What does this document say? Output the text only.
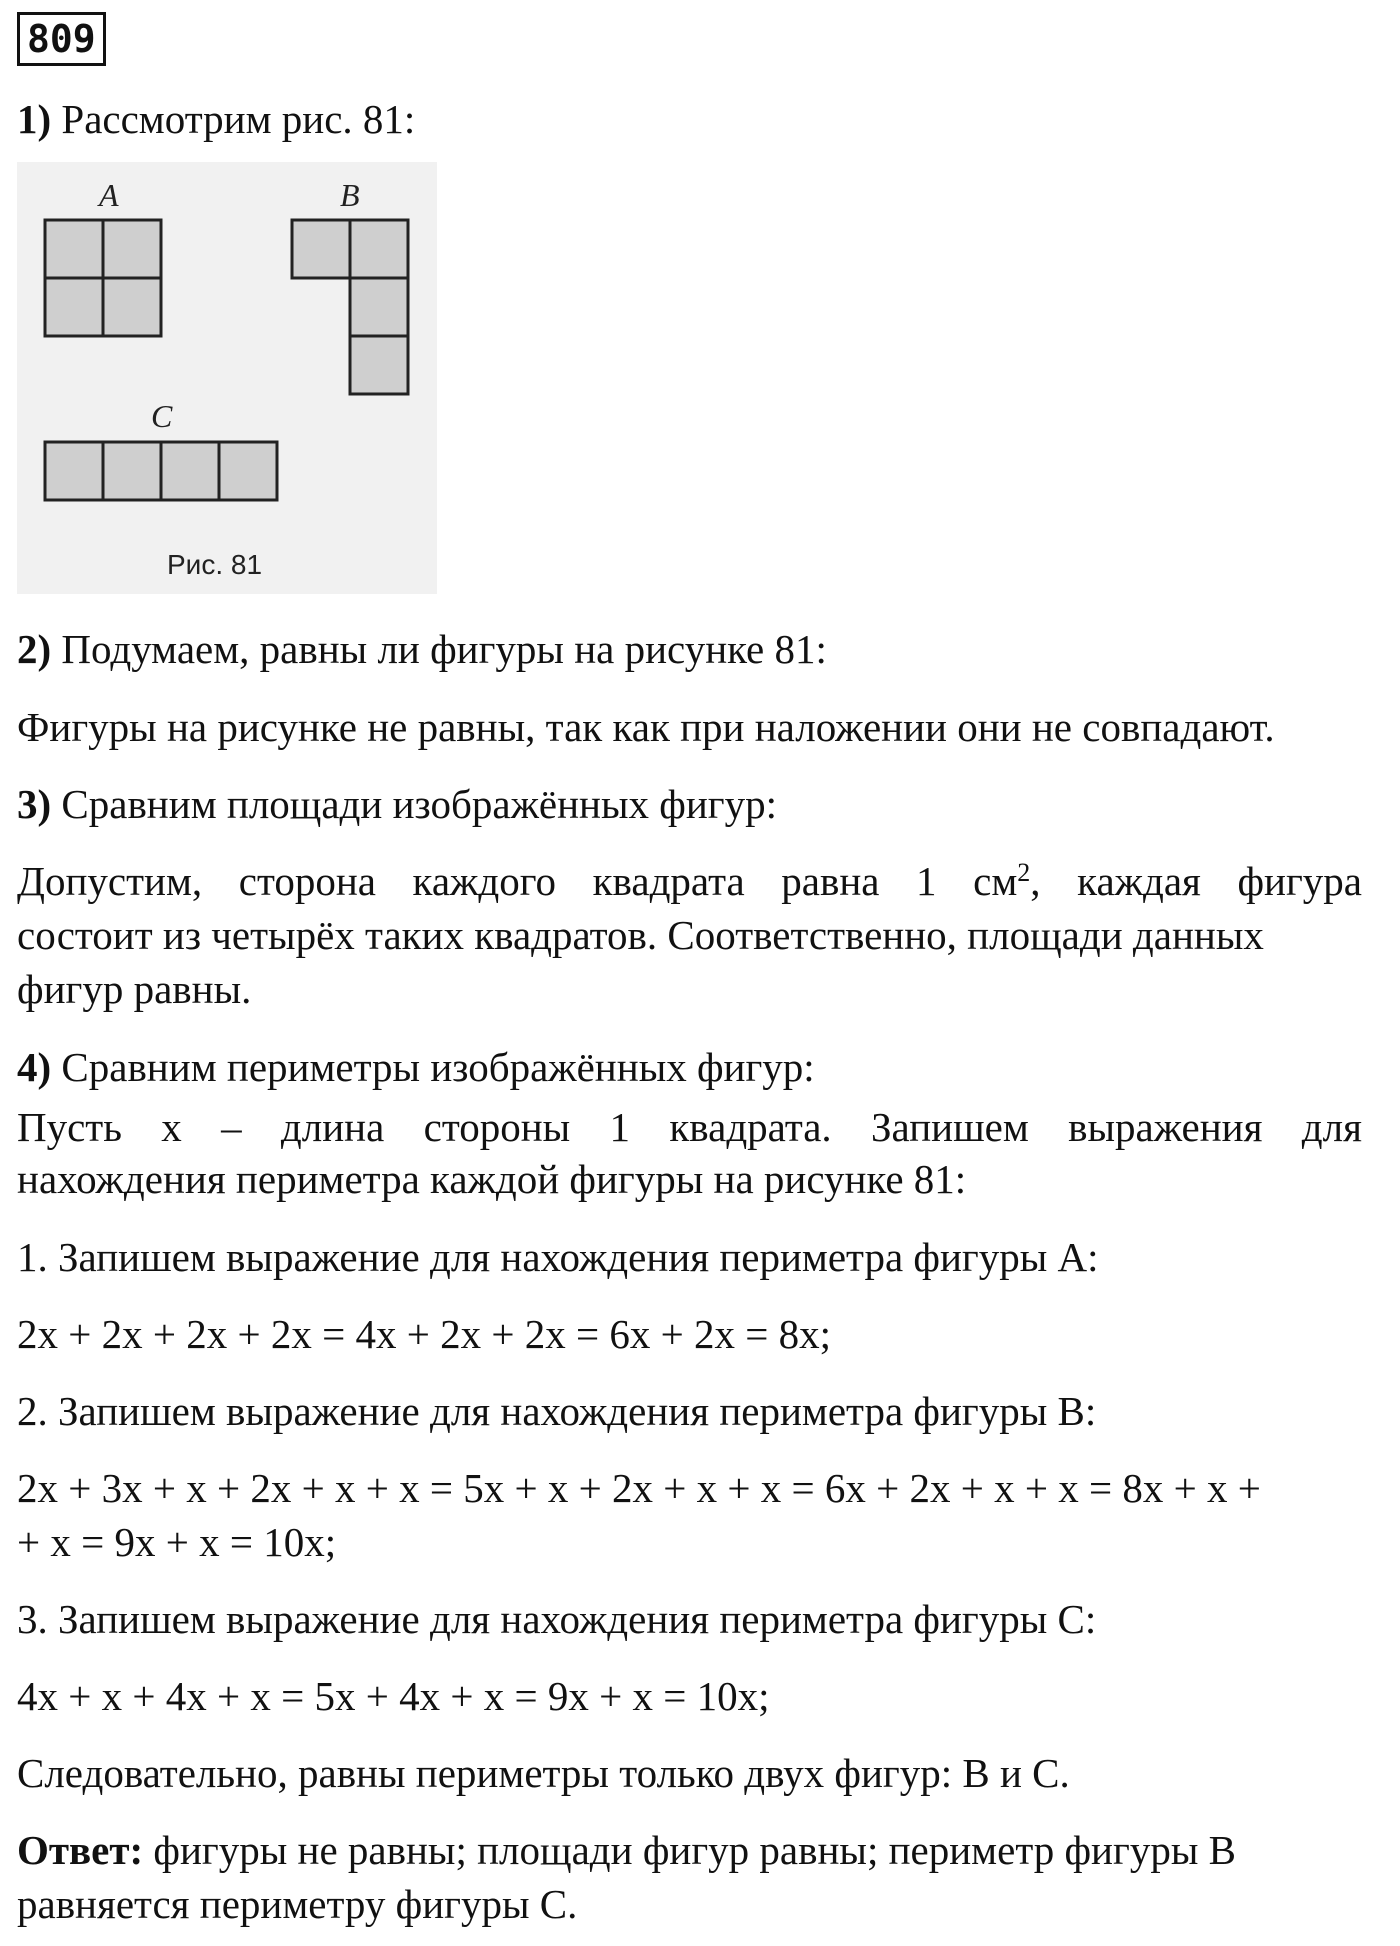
809

1) Рассмотрим рис. 81:

A	B
C
Рис. 81

2) Подумаем, равны ли фигуры на рисунке 81:

Фигуры на рисунке не равны, так как при наложении они не совпадают.

3) Сравним площади изображённых фигур:

Допустим, сторона каждого квадрата равна 1 $см^2$, каждая фигура

состоит из четырёх таких квадратов. Соответственно, площади данных

фигур равны.

4) Сравним периметры изображённых фигур:

Пусть x – длина стороны 1 квадрата. Запишем выражения для

нахождения периметра каждой фигуры на рисунке 81:

1. Запишем выражение для нахождения периметра фигуры А:

2x + 2x + 2x + 2x = 4x + 2x + 2x = 6x + 2x = 8x;

2. Запишем выражение для нахождения периметра фигуры В:

2x + 3x + x + 2x + x + x = 5x + x + 2x + x + x = 6x + 2x + x + x = 8x + x +

+ x = 9x + x = 10x;

3. Запишем выражение для нахождения периметра фигуры С:

4x + x + 4x + x = 5x + 4x + x = 9x + x = 10x;

Следовательно, равны периметры только двух фигур: В и С.

Ответ: фигуры не равны; площади фигур равны; периметр фигуры В

равняется периметру фигуры С.
